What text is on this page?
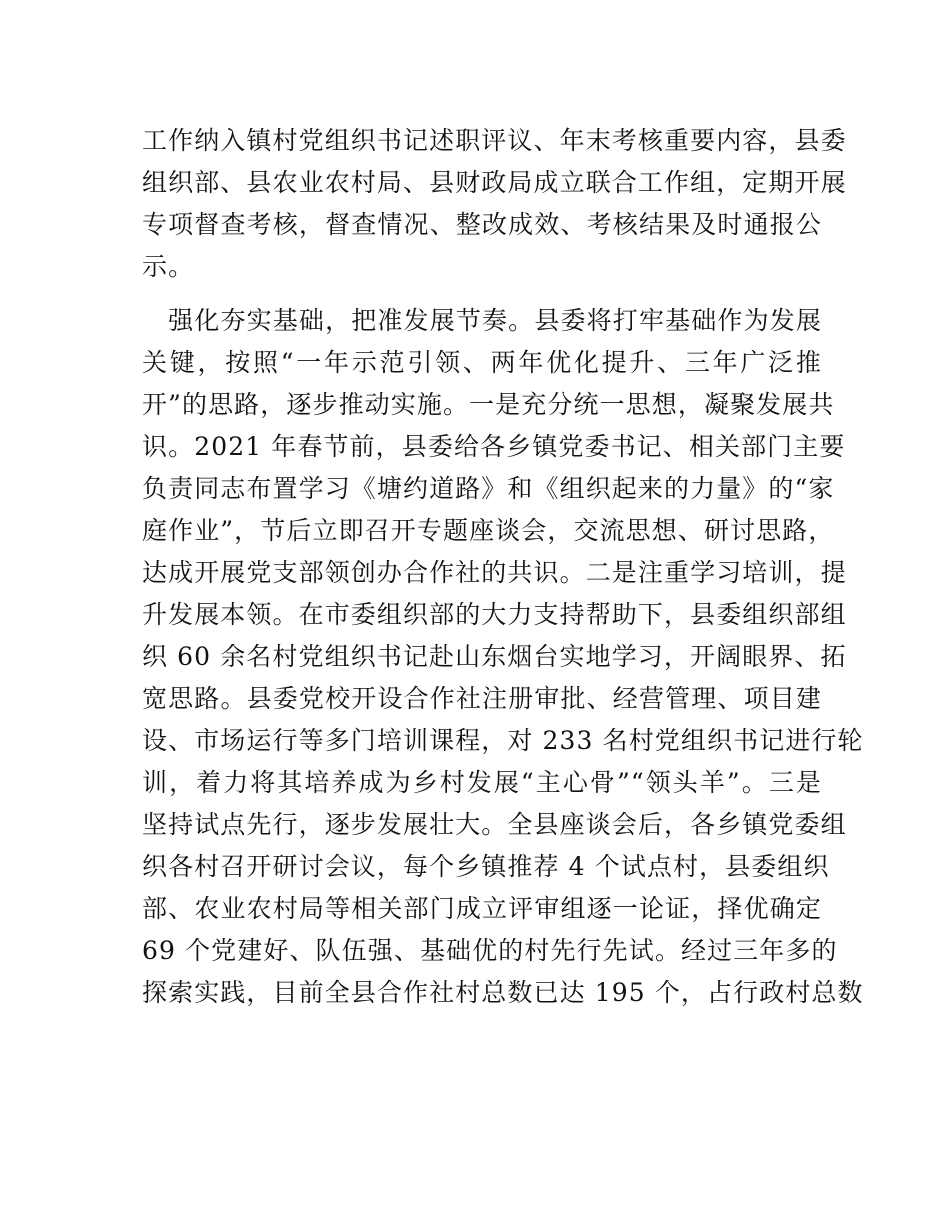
工作纳入镇村党组织书记述职评议、年末考核重要内容，县委
组织部、县农业农村局、县财政局成立联合工作组，定期开展
专项督查考核，督查情况、整改成效、考核结果及时通报公
示。
　强化夯实基础，把准发展节奏。县委将打牢基础作为发展
关键，按照“一年示范引领、两年优化提升、三年广泛推
开”的思路，逐步推动实施。一是充分统一思想，凝聚发展共
识。2021 年春节前，县委给各乡镇党委书记、相关部门主要
负责同志布置学习《塘约道路》和《组织起来的力量》的“家
庭作业”，节后立即召开专题座谈会，交流思想、研讨思路，
达成开展党支部领创办合作社的共识。二是注重学习培训，提
升发展本领。在市委组织部的大力支持帮助下，县委组织部组
织 60 余名村党组织书记赴山东烟台实地学习，开阔眼界、拓
宽思路。县委党校开设合作社注册审批、经营管理、项目建
设、市场运行等多门培训课程，对 233 名村党组织书记进行轮
训，着力将其培养成为乡村发展“主心骨”“领头羊”。三是
坚持试点先行，逐步发展壮大。全县座谈会后，各乡镇党委组
织各村召开研讨会议，每个乡镇推荐 4 个试点村，县委组织
部、农业农村局等相关部门成立评审组逐一论证，择优确定
69 个党建好、队伍强、基础优的村先行先试。经过三年多的
探索实践，目前全县合作社村总数已达 195 个，占行政村总数
